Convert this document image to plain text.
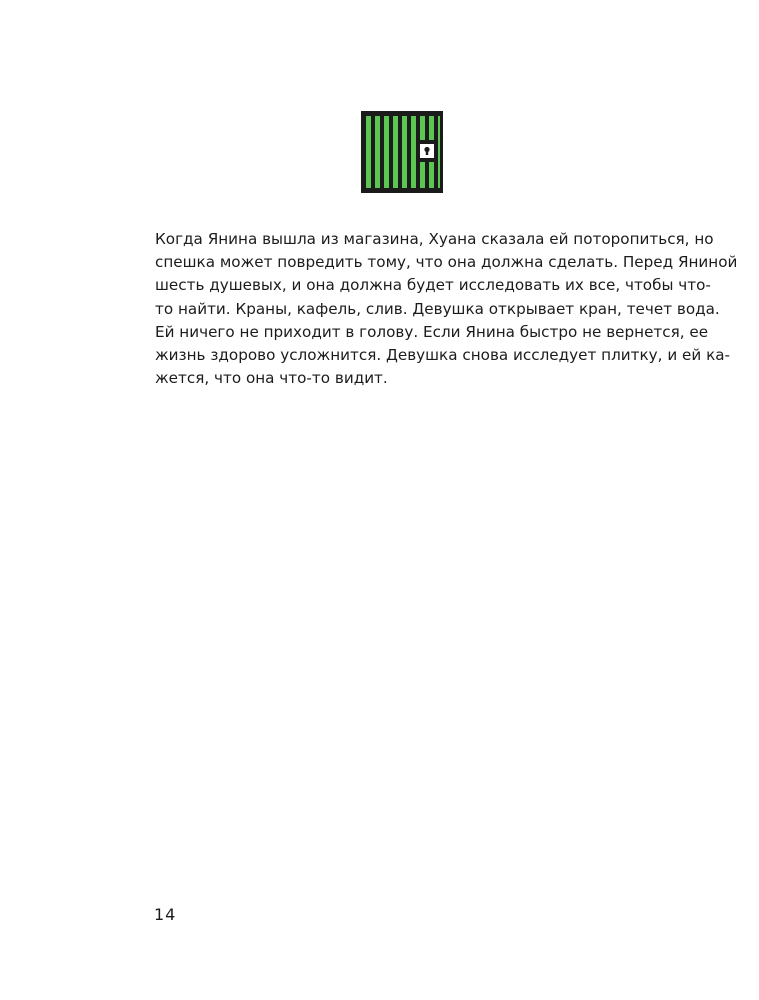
Когда Янина вышла из магазина, Хуана сказала ей поторопиться, но
спешка может повредить тому, что она должна сделать. Перед Яниной
шесть душевых, и она должна будет исследовать их все, чтобы что-
то найти. Краны, кафель, слив. Девушка открывает кран, течет вода.
Ей ничего не приходит в голову. Если Янина быстро не вернется, ее
жизнь здорово усложнится. Девушка снова исследует плитку, и ей ка-
жется, что она что-то видит.

14
